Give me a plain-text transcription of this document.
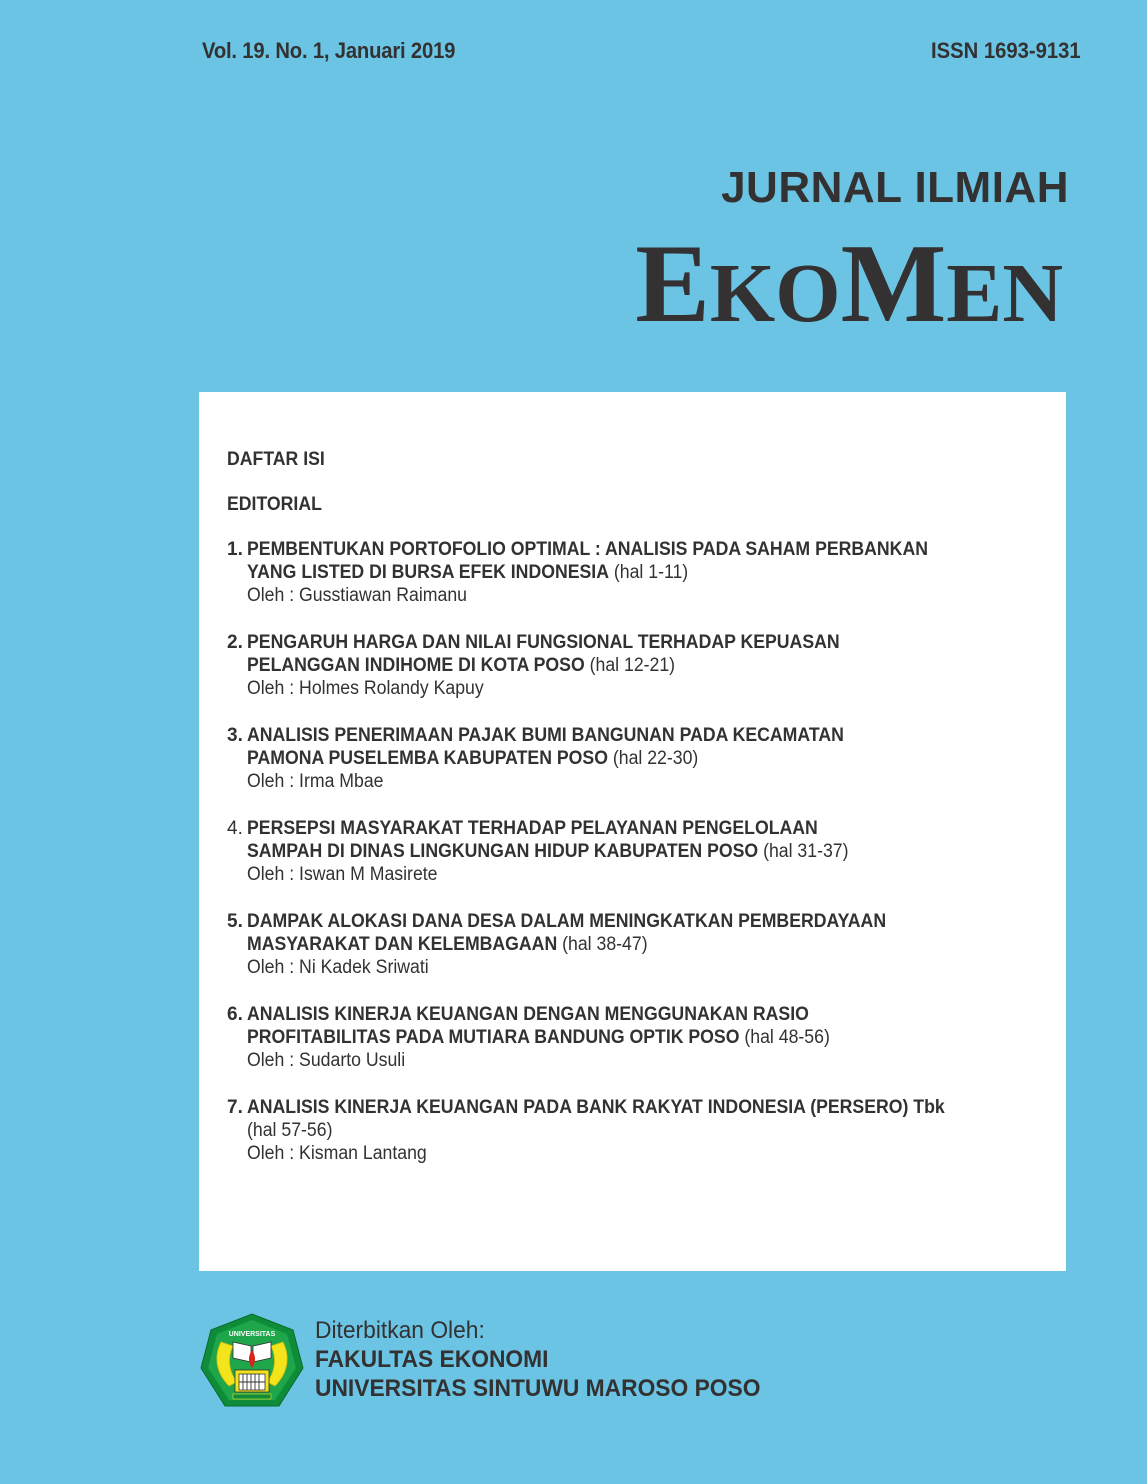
Vol. 19. No. 1, Januari 2019	ISSN 1693-9131
JURNAL ILMIAH
EKOMEN
DAFTAR ISI
EDITORIAL
1. PEMBENTUKAN PORTOFOLIO OPTIMAL : ANALISIS PADA SAHAM PERBANKAN
YANG LISTED DI BURSA EFEK INDONESIA (hal 1-11)
Oleh : Gusstiawan Raimanu
2. PENGARUH HARGA DAN NILAI FUNGSIONAL TERHADAP KEPUASAN
PELANGGAN INDIHOME DI KOTA POSO (hal 12-21)
Oleh : Holmes Rolandy Kapuy
3. ANALISIS PENERIMAAN PAJAK BUMI BANGUNAN PADA KECAMATAN
PAMONA PUSELEMBA KABUPATEN POSO (hal 22-30)
Oleh : Irma Mbae
4. PERSEPSI MASYARAKAT TERHADAP PELAYANAN PENGELOLAAN
SAMPAH DI DINAS LINGKUNGAN HIDUP KABUPATEN POSO (hal 31-37)
Oleh : Iswan M Masirete
5. DAMPAK ALOKASI DANA DESA DALAM MENINGKATKAN PEMBERDAYAAN
MASYARAKAT DAN KELEMBAGAAN (hal 38-47)
Oleh : Ni Kadek Sriwati
6. ANALISIS KINERJA KEUANGAN DENGAN MENGGUNAKAN RASIO
PROFITABILITAS PADA MUTIARA BANDUNG OPTIK POSO (hal 48-56)
Oleh : Sudarto Usuli
7. ANALISIS KINERJA KEUANGAN PADA BANK RAKYAT INDONESIA (PERSERO) Tbk
(hal 57-56)
Oleh : Kisman Lantang
UNIVERSITAS Diterbitkan Oleh:
FAKULTAS EKONOMI
UNIVERSITAS SINTUWU MAROSO POSO
